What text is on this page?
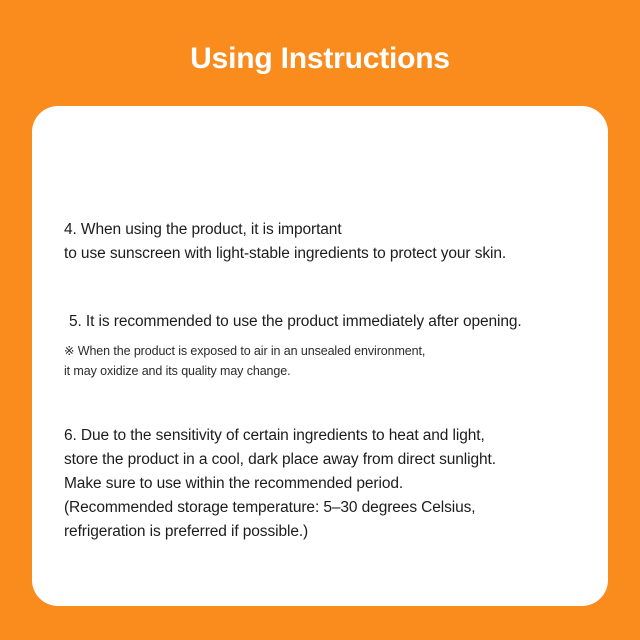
Using Instructions

4. When using the product, it is important
to use sunscreen with light-stable ingredients to protect your skin.

5. It is recommended to use the product immediately after opening.

※ When the product is exposed to air in an unsealed environment,
it may oxidize and its quality may change.

6. Due to the sensitivity of certain ingredients to heat and light,
store the product in a cool, dark place away from direct sunlight.
Make sure to use within the recommended period.
(Recommended storage temperature: 5–30 degrees Celsius,
refrigeration is preferred if possible.)
